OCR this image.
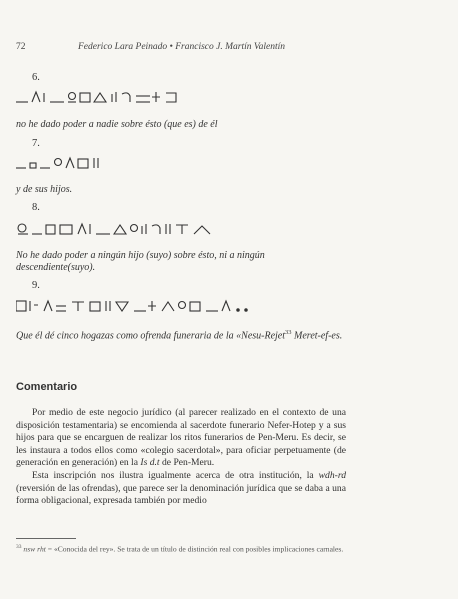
72	Federico Lara Peinado • Francisco J. Martín Valentín
6.
no he dado poder a nadie sobre ésto (que es) de él
7.
y de sus hijos.
8.
No he dado poder a ningún hijo (suyo) sobre ésto, ni a ningún descendiente(suyo).
9.
Que él dé cinco hogazas como ofrenda funeraria de la «Nesu-Rejet$^{33}$ Meret-ef-es.
Comentario

Por medio de este negocio jurídico (al parecer realizado en el contexto de una disposición testamentaria) se encomienda al sacerdote funerario Nefer-Hotep y a sus hijos para que se encarguen de realizar los ritos funerarios de Pen-Meru. Es decir, se les instaura a todos ellos como «colegio sacerdotal», para oficiar perpetuamente (de generación en generación) en la Is d.t de Pen-Meru.

Esta inscripción nos ilustra igualmente acerca de otra institución, la wdh-rd (reversión de las ofrendas), que parece ser la denominación jurídica que se daba a una forma obligacional, expresada también por medio

$^{33}$ nsw rht = «Conocida del rey». Se trata de un título de distinción real con posibles implicaciones carnales.
